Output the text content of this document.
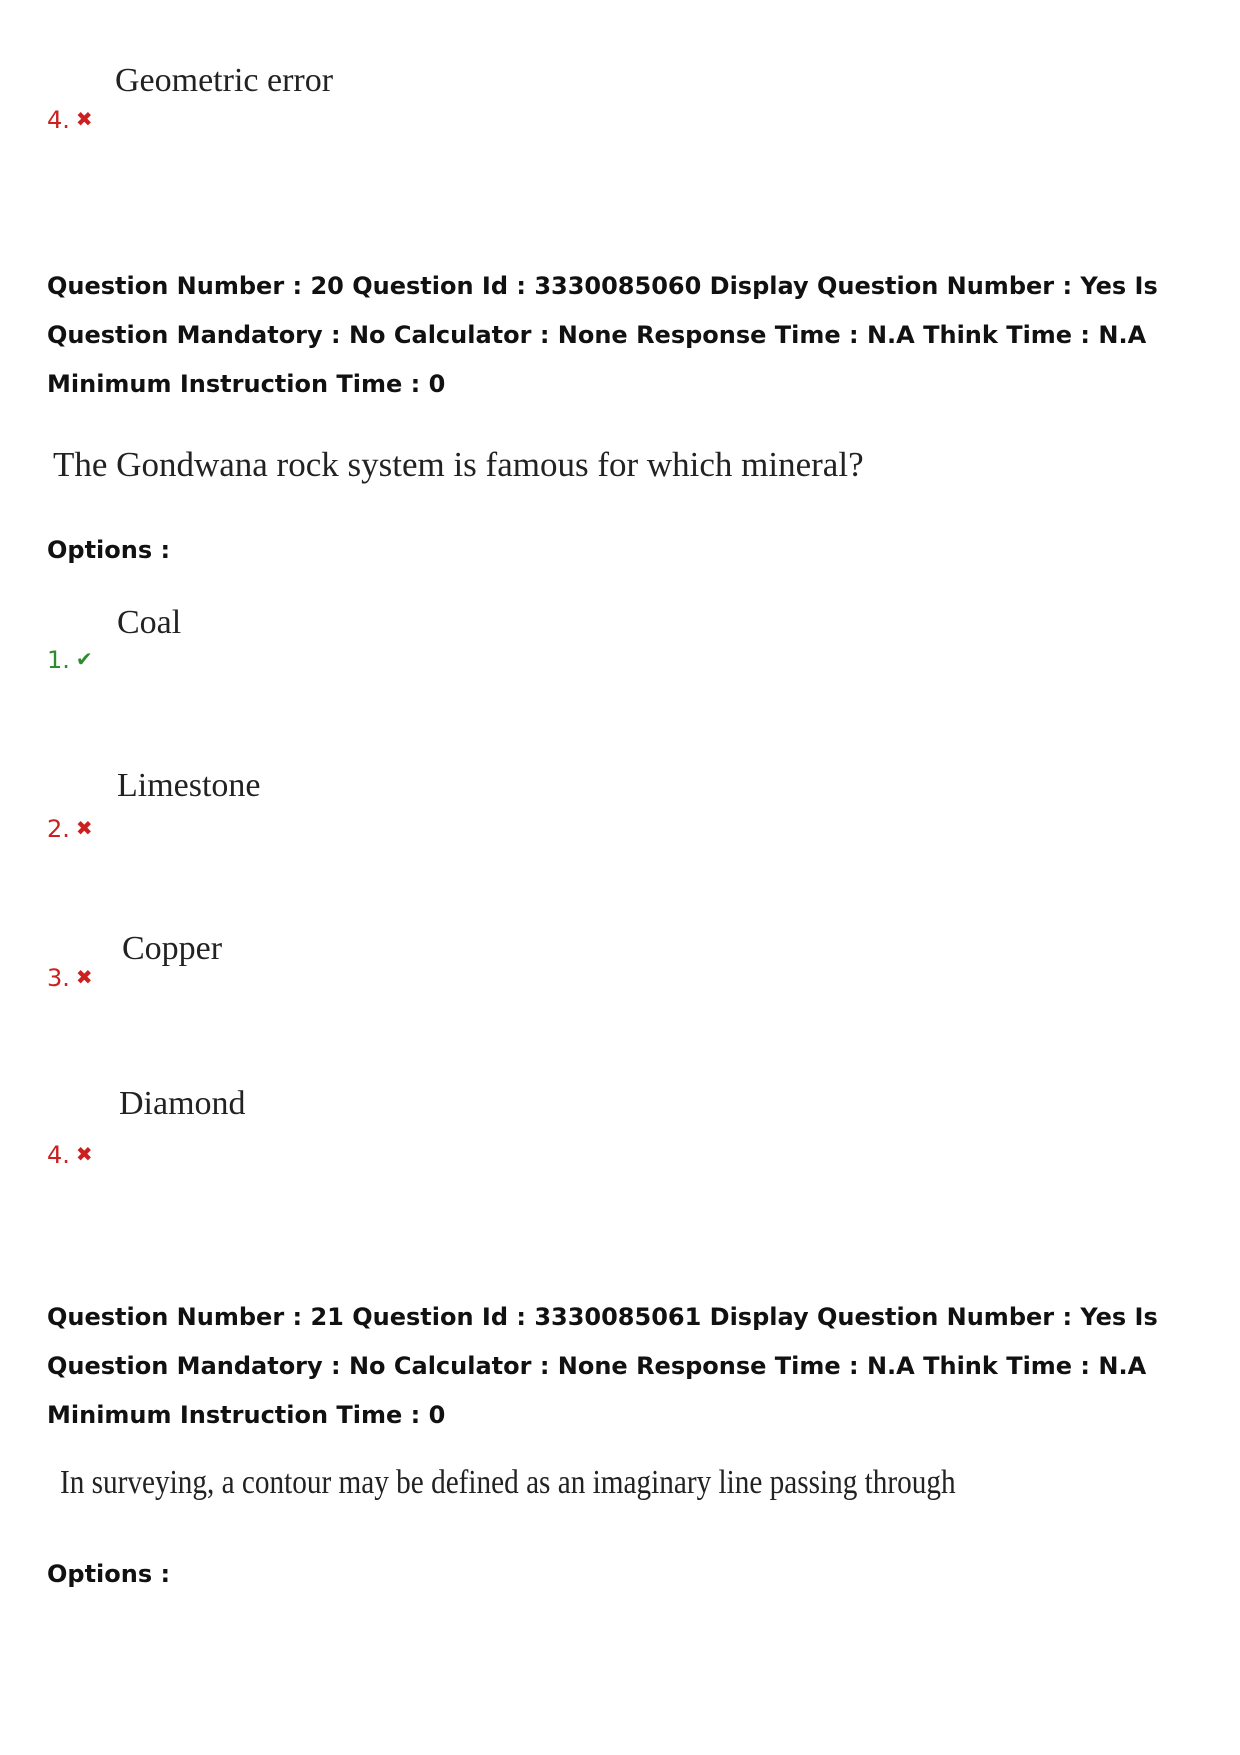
Geometric error
4. ✖
Question Number : 20 Question Id : 3330085060 Display Question Number : Yes Is Question Mandatory : No Calculator : None Response Time : N.A Think Time : N.A Minimum Instruction Time : 0
The Gondwana rock system is famous for which mineral?
Options :
Coal
1. ✔
Limestone
2. ✖
Copper
3. ✖
Diamond
4. ✖
Question Number : 21 Question Id : 3330085061 Display Question Number : Yes Is Question Mandatory : No Calculator : None Response Time : N.A Think Time : N.A Minimum Instruction Time : 0
In surveying, a contour may be defined as an imaginary line passing through
Options :
